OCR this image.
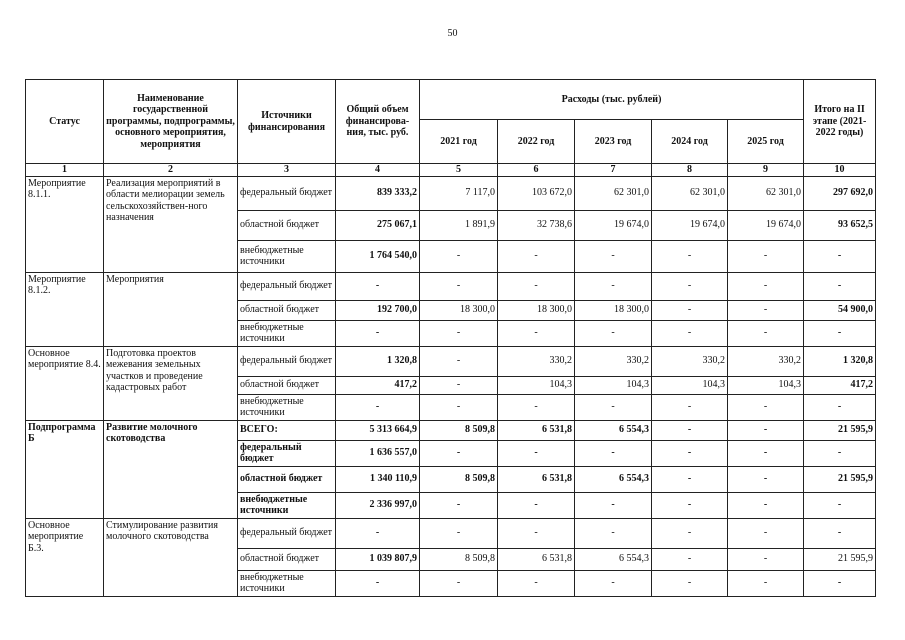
50
Статус	Наименование государственной программы, подпрограммы, основного мероприятия, мероприятия	Источники финансирования	Общий объем финансирова-ния, тыс. руб.	Расходы (тыс. рублей)					Итого на II этапе (2021-2022 годы)
				2021 год	2022 год	2023 год	2024 год	2025 год	
1	2	3	4	5	6	7	8	9	10
Мероприятие 8.1.1.	Реализация мероприятий в области мелиорации земель сельскохозяйствен-ного назначения	федеральный бюджет	839 333,2	7 117,0	103 672,0	62 301,0	62 301,0	62 301,0	297 692,0
		областной бюджет	275 067,1	1 891,9	32 738,6	19 674,0	19 674,0	19 674,0	93 652,5
		внебюджетные источники	1 764 540,0	-	-	-	-	-	-
Мероприятие 8.1.2.	Мероприятия	федеральный бюджет	-	-	-	-	-	-	-
		областной бюджет	192 700,0	18 300,0	18 300,0	18 300,0	-	-	54 900,0
		внебюджетные источники	-	-	-	-	-	-	-
Основное мероприятие 8.4.	Подготовка проектов межевания земельных участков и проведение кадастровых работ	федеральный бюджет	1 320,8	-	330,2	330,2	330,2	330,2	1 320,8
		областной бюджет	417,2	-	104,3	104,3	104,3	104,3	417,2
		внебюджетные источники	-	-	-	-	-	-	-
Подпрограмма Б	Развитие молочного скотоводства	ВСЕГО:	5 313 664,9	8 509,8	6 531,8	6 554,3	-	-	21 595,9
		федеральный бюджет	1 636 557,0	-	-	-	-	-	-
		областной бюджет	1 340 110,9	8 509,8	6 531,8	6 554,3	-	-	21 595,9
		внебюджетные источники	2 336 997,0	-	-	-	-	-	-
Основное мероприятие Б.3.	Стимулирование развития молочного скотоводства	федеральный бюджет	-	-	-	-	-	-	-
		областной бюджет	1 039 807,9	8 509,8	6 531,8	6 554,3	-	-	21 595,9
		внебюджетные источники	-	-	-	-	-	-	-
